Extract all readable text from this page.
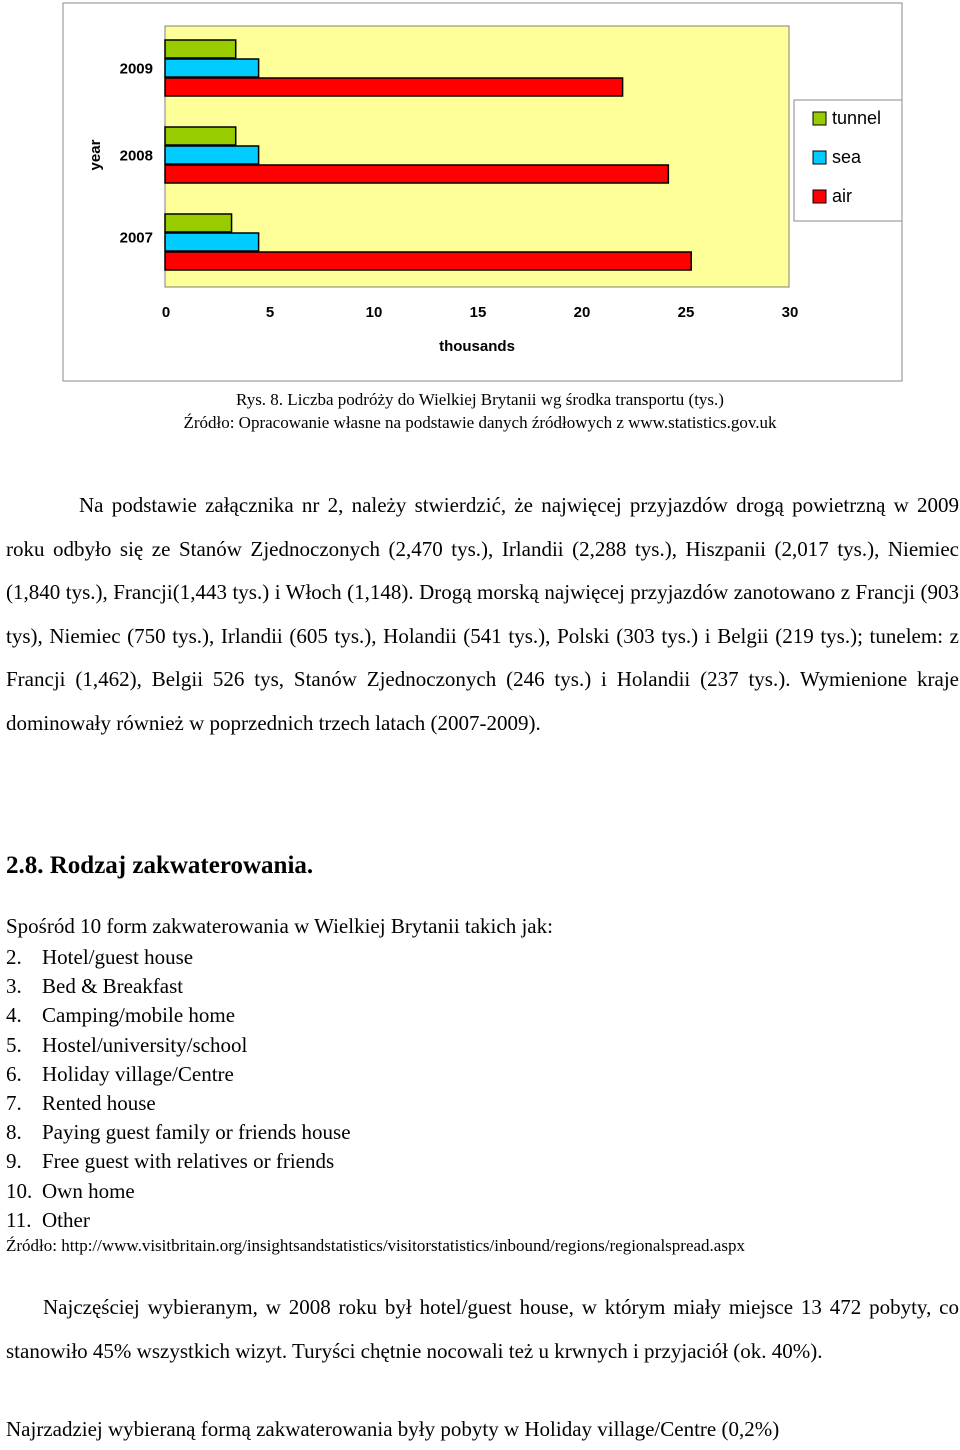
year
thousands
2009
2008
2007
0	5	10	15	20	25	30
tunnel
sea
air
Rys. 8. Liczba podróży do Wielkiej Brytanii wg środka transportu (tys.)
Źródło: Opracowanie własne na podstawie danych źródłowych z www.statistics.gov.uk

Na podstawie załącznika nr 2, należy stwierdzić, że najwięcej przyjazdów drogą powietrzną w 2009 roku odbyło się ze Stanów Zjednoczonych (2,470 tys.), Irlandii (2,288 tys.), Hiszpanii (2,017 tys.), Niemiec (1,840 tys.), Francji(1,443 tys.) i Włoch (1,148). Drogą morską najwięcej przyjazdów zanotowano z Francji (903 tys), Niemiec (750 tys.), Irlandii (605 tys.), Holandii (541 tys.), Polski (303 tys.) i Belgii (219 tys.); tunelem: z Francji (1,462), Belgii 526 tys, Stanów Zjednoczonych (246 tys.) i Holandii (237 tys.). Wymienione kraje dominowały również w poprzednich trzech latach (2007-2009).

2.8. Rodzaj zakwaterowania.
Spośród 10 form zakwaterowania w Wielkiej Brytanii takich jak:
2. Hotel/guest house
3. Bed & Breakfast
4. Camping/mobile home
5. Hostel/university/school
6. Holiday village/Centre
7. Rented house
8. Paying guest family or friends house
9. Free guest with relatives or friends
10. Own home
11. Other
Źródło: http://www.visitbritain.org/insightsandstatistics/visitorstatistics/inbound/regions/regionalspread.aspx

Najczęściej wybieranym, w 2008 roku był hotel/guest house, w którym miały miejsce 13 472 pobyty, co stanowiło 45% wszystkich wizyt. Turyści chętnie nocowali też u krwnych i przyjaciół (ok. 40%).

Najrzadziej wybieraną formą zakwaterowania były pobyty w Holiday village/Centre (0,2%)
